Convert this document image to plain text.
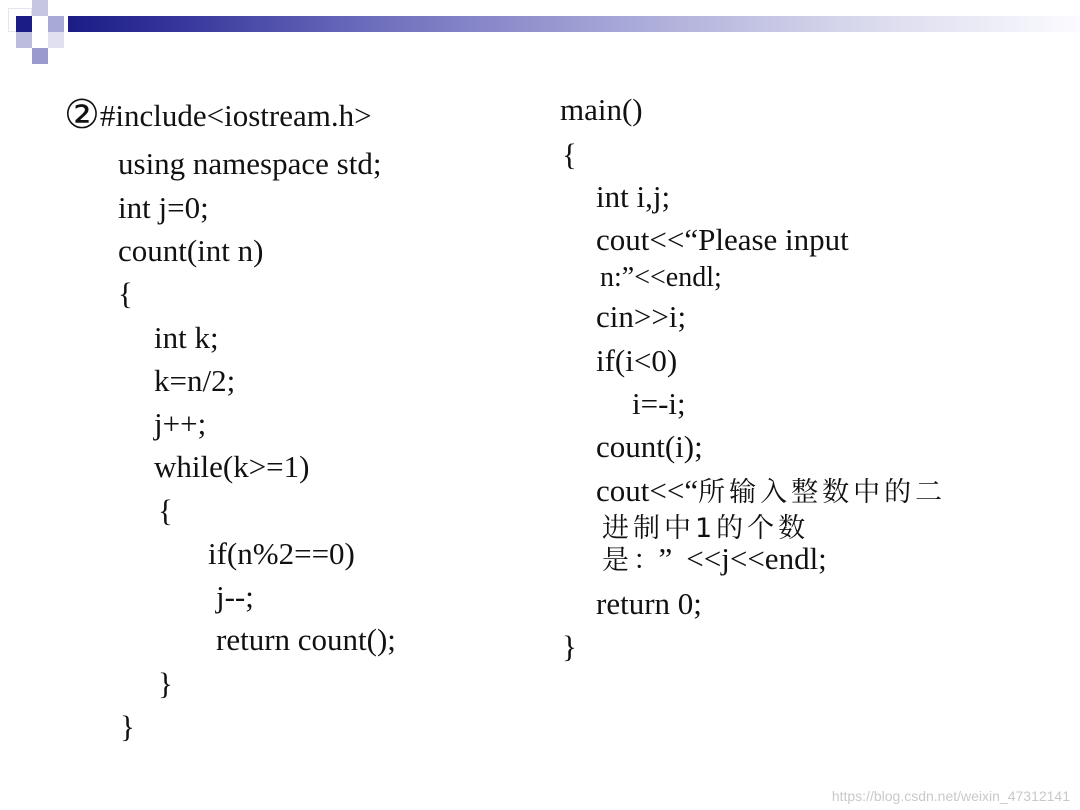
②#include<iostream.h>

using namespace std;

int j=0;

count(int n)

{

int k;

k=n/2;

j++;

while(k>=1)

{

if(n%2==0)

j--;

return count();

}

}

main()

{

int i,j;

cout<<“Please input

n:”<<endl;

cin>>i;

if(i<0)

i=-i;

count(i);

cout<<“所输入整数中的二

进制中1的个数

是： ” <<j<<endl;

return 0;

}

https://blog.csdn.net/weixin_47312141
